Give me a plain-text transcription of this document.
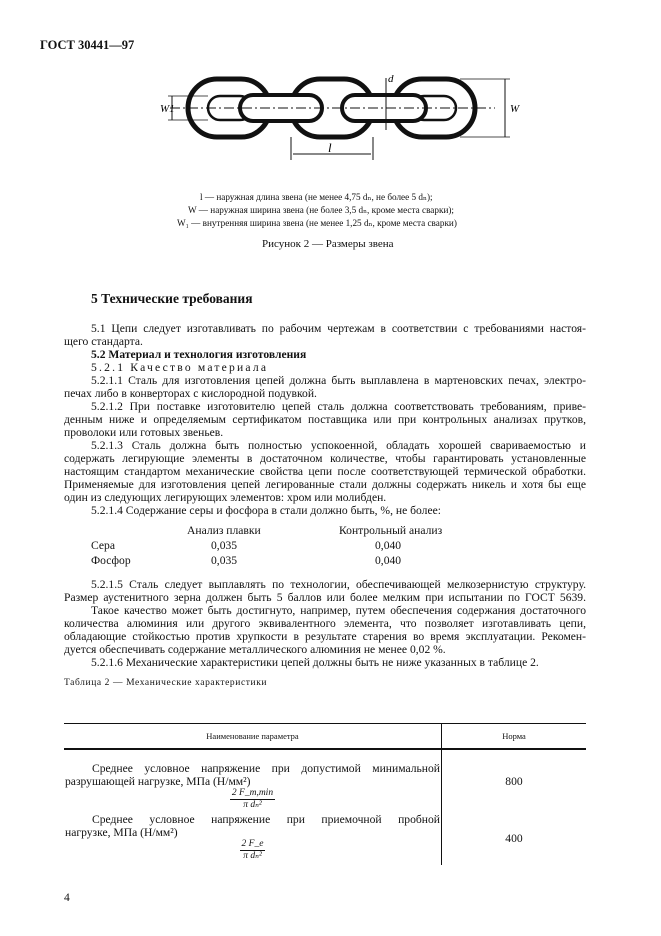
ГОСТ 30441—97
W1	W
d
l
l — наружная длина звена (не менее 4,75 dₙ, не более 5 dₙ);
W — наружная ширина звена (не более 3,5 dₙ, кроме места сварки);
W₁ — внутренняя ширина звена (не менее 1,25 dₙ, кроме места сварки)
Рисунок 2 — Размеры звена
5 Технические требования
5.1 Цепи следует изготавливать по рабочим чертежам в соответствии с требованиями настоя-
щего стандарта.
5.2 Материал и технология изготовления
5.2.1 Качество материала
5.2.1.1 Сталь для изготовления цепей должна быть выплавлена в мартеновских печах, электро-
печах либо в конверторах с кислородной подувкой.
5.2.1.2 При поставке изготовителю цепей сталь должна соответствовать требованиям, приве-
денным ниже и определяемым сертификатом поставщика или при контрольных анализах прутков,
проволоки или готовых звеньев.
5.2.1.3 Сталь должна быть полностью успокоенной, обладать хорошей свариваемостью и
содержать легирующие элементы в достаточном количестве, чтобы гарантировать установленные
настоящим стандартом механические свойства цепи после соответствующей термической обработки.
Применяемые для изготовления цепей легированные стали должны содержать никель и хотя бы еще
один из следующих легирующих элементов: хром или молибден.
5.2.1.4 Содержание серы и фосфора в стали должно быть, %, не более:
Анализ плавки	Контрольный анализ
Сера	0,035	0,040
Фосфор	0,035	0,040
5.2.1.5 Сталь следует выплавлять по технологии, обеспечивающей мелкозернистую структуру.
Размер аустенитного зерна должен быть 5 баллов или более мелким при испытании по ГОСТ 5639.
Такое качество может быть достигнуто, например, путем обеспечения содержания достаточного
количества алюминия или другого эквивалентного элемента, что позволяет изготавливать цепи,
обладающие стойкостью против хрупкости в результате старения во время эксплуатации. Рекомен-
дуется обеспечивать содержание металлического алюминия не менее 0,02 %.
5.2.1.6 Механические характеристики цепей должны быть не ниже указанных в таблице 2.
Таблица 2 — Механические характеристики
Наименование параметра	Норма

Среднее условное напряжение при допустимой минимальной
разрушающей нагрузке, МПа (Н/мм²)
$\frac{2 F\_m,\min}{\text{π dₙ²}}$	800

Среднее условное напряжение при приемочной пробной
нагрузке, МПа (Н/мм²)
$\frac{2 F\_e}{\text{π dₙ²}}$	400
4
